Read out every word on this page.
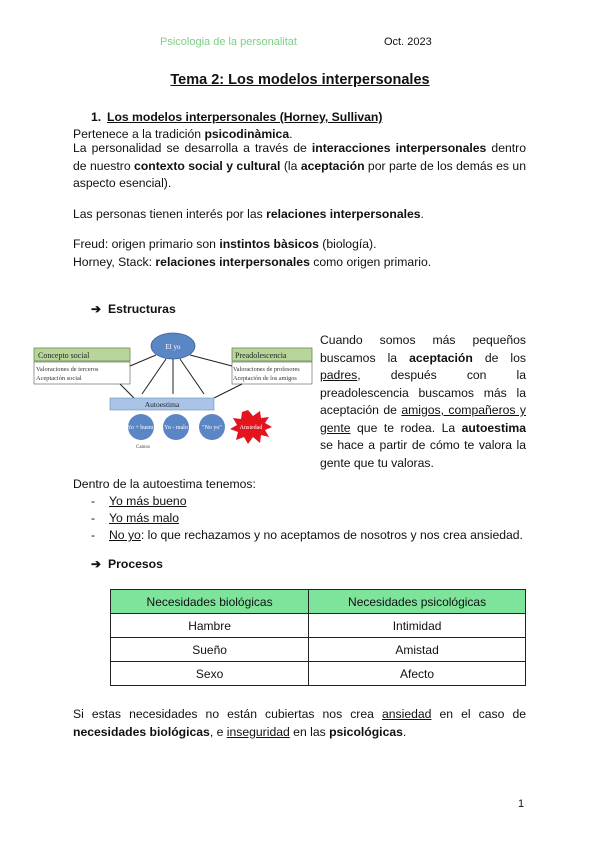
Psicologia de la personalitat	Oct. 2023
Tema 2: Los modelos interpersonales
1. Los modelos interpersonales (Horney, Sullivan)
Pertenece a la tradición psicodinàmica.
La personalidad se desarrolla a través de interacciones interpersonales dentro de nuestro contexto social y cultural (la aceptación por parte de los demás es un aspecto esencial).
Las personas tienen interés por las relaciones interpersonales.
Freud: origen primario son instintos bàsicos (biología).
Horney, Stack: relaciones interpersonales como origen primario.
➔ Estructuras
Concepto social
Valoraciones de terceros
Aceptación social
Preadolescencia
Valoraciones de profesores
Aceptación de los amigos
El yo
Autoestima
Yo + bueno Yo - malo "No yo"	Ansiedad
Camos
Cuando somos más pequeños buscamos la aceptación de los padres, después con la preadolescencia buscamos más la aceptación de amigos, compañeros y gente que te rodea. La autoestima se hace a partir de cómo te valora la gente que tu valoras.
Dentro de la autoestima tenemos:
- Yo más bueno
- Yo más malo
- No yo: lo que rechazamos y no aceptamos de nosotros y nos crea ansiedad.
➔ Procesos
Necesidades biológicas	Necesidades psicológicas
Hambre	Intimidad
Sueño	Amistad
Sexo	Afecto
Si estas necesidades no están cubiertas nos crea ansiedad en el caso de necesidades biológicas, e inseguridad en las psicológicas.
1
